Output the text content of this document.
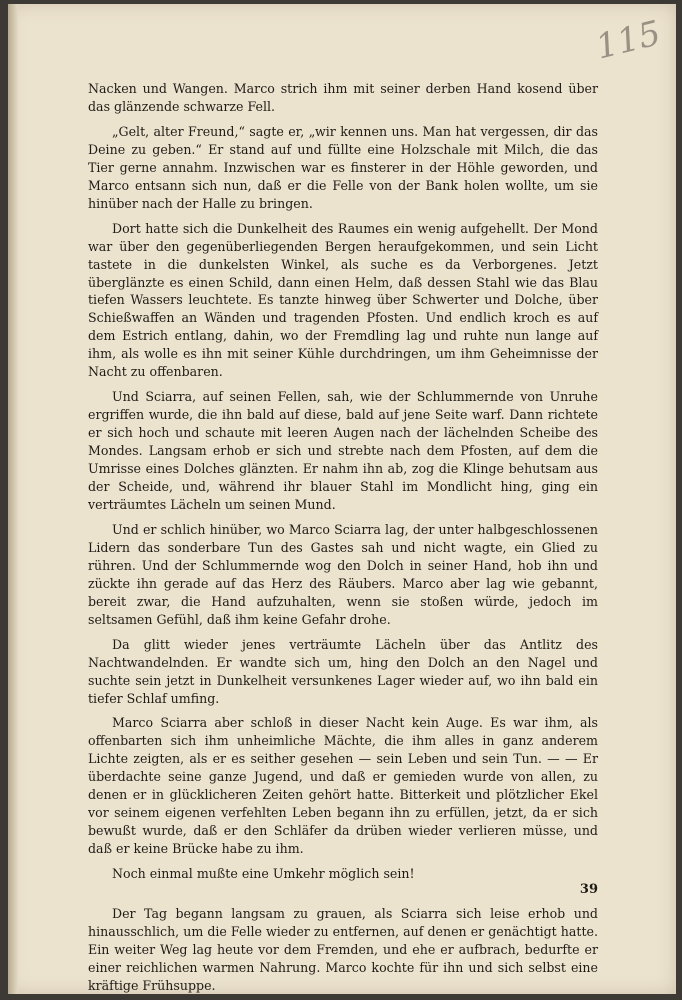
115

Nacken und Wangen. Marco strich ihm mit seiner derben Hand kosend über das glänzende schwarze Fell.

„Gelt, alter Freund,“ sagte er, „wir kennen uns. Man hat vergessen, dir das Deine zu geben.“ Er stand auf und füllte eine Holzschale mit Milch, die das Tier gerne annahm. Inzwischen war es finsterer in der Höhle geworden, und Marco entsann sich nun, daß er die Felle von der Bank holen wollte, um sie hinüber nach der Halle zu bringen.

Dort hatte sich die Dunkelheit des Raumes ein wenig aufgehellt. Der Mond war über den gegenüberliegenden Bergen heraufgekommen, und sein Licht tastete in die dunkelsten Winkel, als suche es da Verborgenes. Jetzt überglänzte es einen Schild, dann einen Helm, daß dessen Stahl wie das Blau tiefen Wassers leuchtete. Es tanzte hinweg über Schwerter und Dolche, über Schießwaffen an Wänden und tragenden Pfosten. Und endlich kroch es auf dem Estrich entlang, dahin, wo der Fremdling lag und ruhte nun lange auf ihm, als wolle es ihn mit seiner Kühle durchdringen, um ihm Geheimnisse der Nacht zu offenbaren.

Und Sciarra, auf seinen Fellen, sah, wie der Schlummernde von Unruhe ergriffen wurde, die ihn bald auf diese, bald auf jene Seite warf. Dann richtete er sich hoch und schaute mit leeren Augen nach der lächelnden Scheibe des Mondes. Langsam erhob er sich und strebte nach dem Pfosten, auf dem die Umrisse eines Dolches glänzten. Er nahm ihn ab, zog die Klinge behutsam aus der Scheide, und, während ihr blauer Stahl im Mondlicht hing, ging ein verträumtes Lächeln um seinen Mund.

Und er schlich hinüber, wo Marco Sciarra lag, der unter halbgeschlossenen Lidern das sonderbare Tun des Gastes sah und nicht wagte, ein Glied zu rühren. Und der Schlummernde wog den Dolch in seiner Hand, hob ihn und zückte ihn gerade auf das Herz des Räubers. Marco aber lag wie gebannt, bereit zwar, die Hand aufzuhalten, wenn sie stoßen würde, jedoch im seltsamen Gefühl, daß ihm keine Gefahr drohe.

Da glitt wieder jenes verträumte Lächeln über das Antlitz des Nachtwandelnden. Er wandte sich um, hing den Dolch an den Nagel und suchte sein jetzt in Dunkelheit versunkenes Lager wieder auf, wo ihn bald ein tiefer Schlaf umfing.

Marco Sciarra aber schloß in dieser Nacht kein Auge. Es war ihm, als offenbarten sich ihm unheimliche Mächte, die ihm alles in ganz anderem Lichte zeigten, als er es seither gesehen — sein Leben und sein Tun. — — Er überdachte seine ganze Jugend, und daß er gemieden wurde von allen, zu denen er in glücklicheren Zeiten gehört hatte. Bitterkeit und plötzlicher Ekel vor seinem eigenen verfehlten Leben begann ihn zu erfüllen, jetzt, da er sich bewußt wurde, daß er den Schläfer da drüben wieder verlieren müsse, und daß er keine Brücke habe zu ihm.

Noch einmal mußte eine Umkehr möglich sein!

Der Tag begann langsam zu grauen, als Sciarra sich leise erhob und hinausschlich, um die Felle wieder zu entfernen, auf denen er genächtigt hatte. Ein weiter Weg lag heute vor dem Fremden, und ehe er aufbrach, bedurfte er einer reichlichen warmen Nahrung. Marco kochte für ihn und sich selbst eine kräftige Frühsuppe.

39
